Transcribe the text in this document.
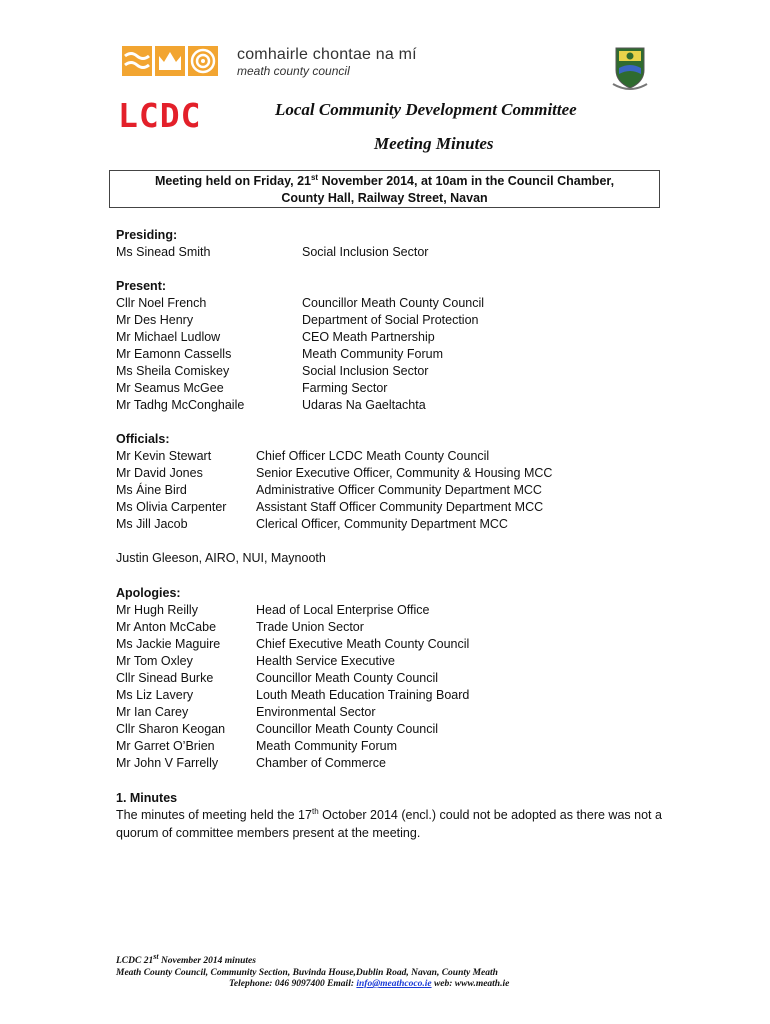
comhairle chontae na mí
meath county council
LCDC	Local Community Development Committee
Meeting Minutes
Meeting held on Friday, 21st November 2014, at 10am in the Council Chamber,
County Hall, Railway Street, Navan
Presiding:
Ms Sinead Smith	Social Inclusion Sector
Present:
Cllr Noel French	Councillor Meath County Council
Mr Des Henry	Department of Social Protection
Mr Michael Ludlow	CEO Meath Partnership
Mr Eamonn Cassells	Meath Community Forum
Ms Sheila Comiskey	Social Inclusion Sector
Mr Seamus McGee	Farming Sector
Mr Tadhg McConghaile	Udaras Na Gaeltachta
Officials:
Mr Kevin Stewart	Chief Officer LCDC Meath County Council
Mr David Jones	Senior Executive Officer, Community & Housing MCC
Ms Áine Bird	Administrative Officer Community Department MCC
Ms Olivia Carpenter Assistant Staff Officer Community Department MCC
Ms Jill Jacob	Clerical Officer, Community Department MCC
Justin Gleeson, AIRO, NUI, Maynooth
Apologies:
Mr Hugh Reilly	Head of Local Enterprise Office
Mr Anton McCabe	Trade Union Sector
Ms Jackie Maguire	Chief Executive Meath County Council
Mr Tom Oxley	Health Service Executive
Cllr Sinead Burke	Councillor Meath County Council
Ms Liz Lavery	Louth Meath Education Training Board
Mr Ian Carey	Environmental Sector
Cllr Sharon Keogan Councillor Meath County Council
Mr Garret O’Brien	Meath Community Forum
Mr John V Farrelly	Chamber of Commerce
1. Minutes
The minutes of meeting held the 17th October 2014 (encl.) could not be adopted as there was not a quorum of committee members present at the meeting.
LCDC 21st November 2014 minutes
Meath County Council, Community Section, Buvinda House,Dublin Road, Navan, County Meath
Telephone: 046 9097400 Email: info@meathcoco.ie web: www.meath.ie
